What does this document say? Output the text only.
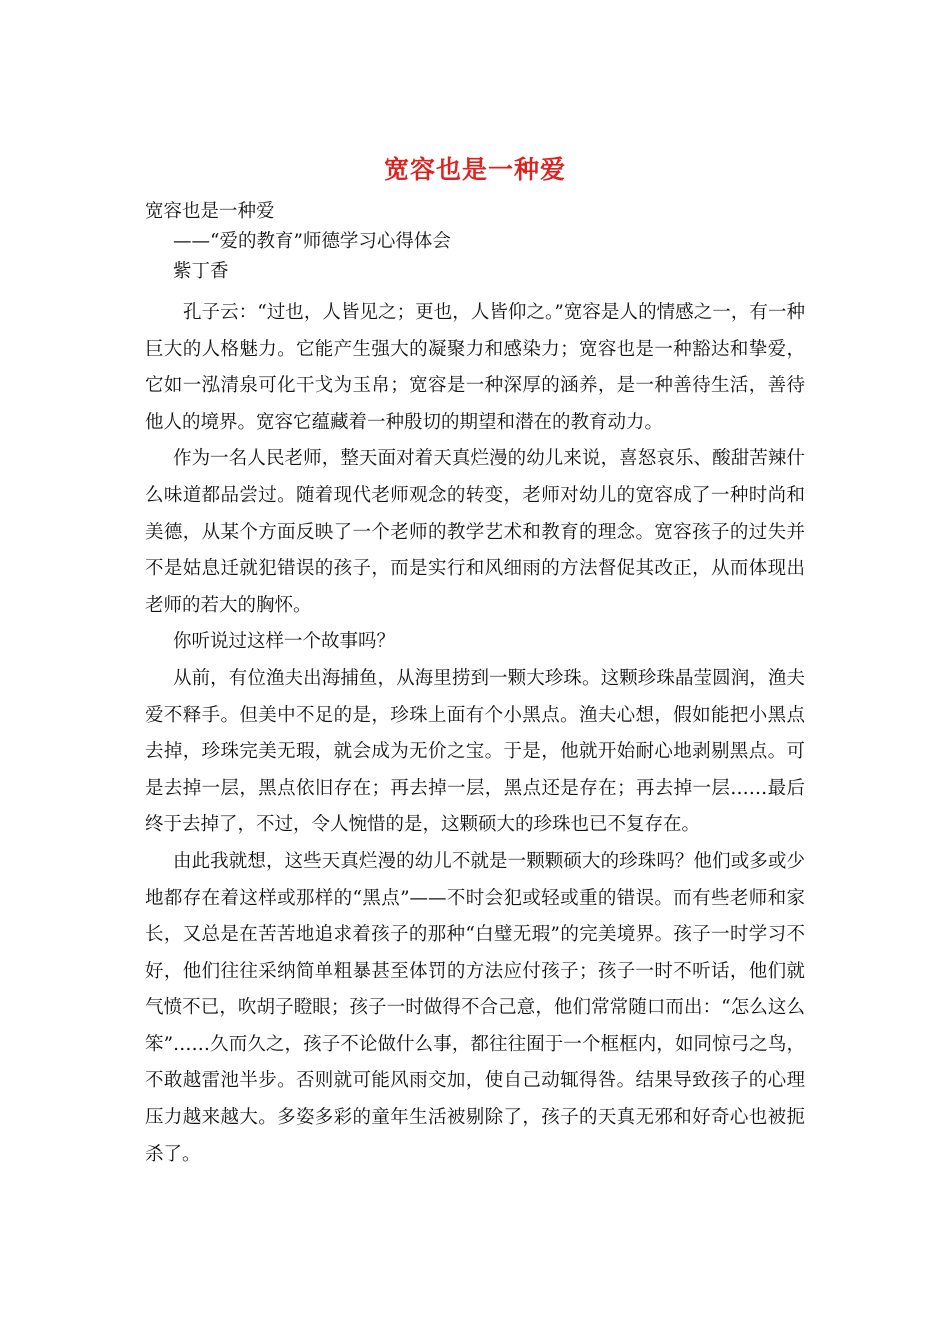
宽容也是一种爱

宽容也是一种爱

——“爱的教育”师德学习心得体会

紫丁香

孔子云：“过也，人皆见之；更也，人皆仰之。”宽容是人的情感之一，有一种巨大的人格魅力。它能产生强大的凝聚力和感染力；宽容也是一种豁达和挚爱，它如一泓清泉可化干戈为玉帛；宽容是一种深厚的涵养，是一种善待生活，善待他人的境界。宽容它蕴藏着一种殷切的期望和潜在的教育动力。

作为一名人民老师，整天面对着天真烂漫的幼儿来说，喜怒哀乐、酸甜苦辣什么味道都品尝过。随着现代老师观念的转变，老师对幼儿的宽容成了一种时尚和美德，从某个方面反映了一个老师的教学艺术和教育的理念。宽容孩子的过失并不是姑息迁就犯错误的孩子，而是实行和风细雨的方法督促其改正，从而体现出老师的若大的胸怀。

你听说过这样一个故事吗？

从前，有位渔夫出海捕鱼，从海里捞到一颗大珍珠。这颗珍珠晶莹圆润，渔夫爱不释手。但美中不足的是，珍珠上面有个小黑点。渔夫心想，假如能把小黑点去掉，珍珠完美无瑕，就会成为无价之宝。于是，他就开始耐心地剥剔黑点。可是去掉一层，黑点依旧存在；再去掉一层，黑点还是存在；再去掉一层……最后终于去掉了，不过，令人惋惜的是，这颗硕大的珍珠也已不复存在。

由此我就想，这些天真烂漫的幼儿不就是一颗颗硕大的珍珠吗？他们或多或少地都存在着这样或那样的“黑点”——不时会犯或轻或重的错误。而有些老师和家长，又总是在苦苦地追求着孩子的那种“白璧无瑕”的完美境界。孩子一时学习不好，他们往往采纳简单粗暴甚至体罚的方法应付孩子；孩子一时不听话，他们就气愤不已，吹胡子瞪眼；孩子一时做得不合己意，他们常常随口而出：“怎么这么笨”……久而久之，孩子不论做什么事，都往往囿于一个框框内，如同惊弓之鸟，不敢越雷池半步。否则就可能风雨交加，使自己动辄得咎。结果导致孩子的心理压力越来越大。多姿多彩的童年生活被剔除了，孩子的天真无邪和好奇心也被扼杀了。
